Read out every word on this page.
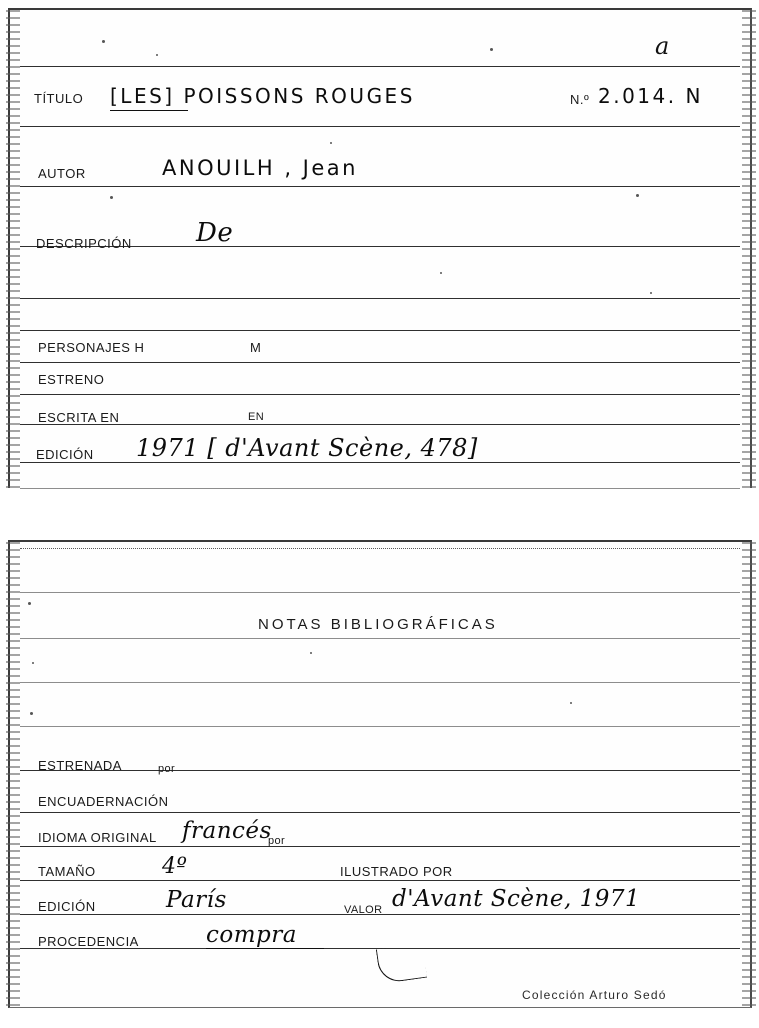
a
TÍTULO [LES] POISSONS ROUGES	N.º 2.014. N
AUTOR	ANOUILH , Jean
DESCRIPCIÓN De
PERSONAJES H	M
ESTRENO
ESCRITA EN	EN
EDICIÓN 1971 [ d'Avant Scène, 478]
NOTAS BIBLIOGRÁFICAS
ESTRENADA	por
ENCUADERNACIÓN
IDIOMA ORIGINAL francés
por
TAMAÑO	4º	ILUSTRADO POR
EDICIÓN	París	VALOR d'Avant Scène, 1971
PROCEDENCIA	compra
Colección Arturo Sedó
